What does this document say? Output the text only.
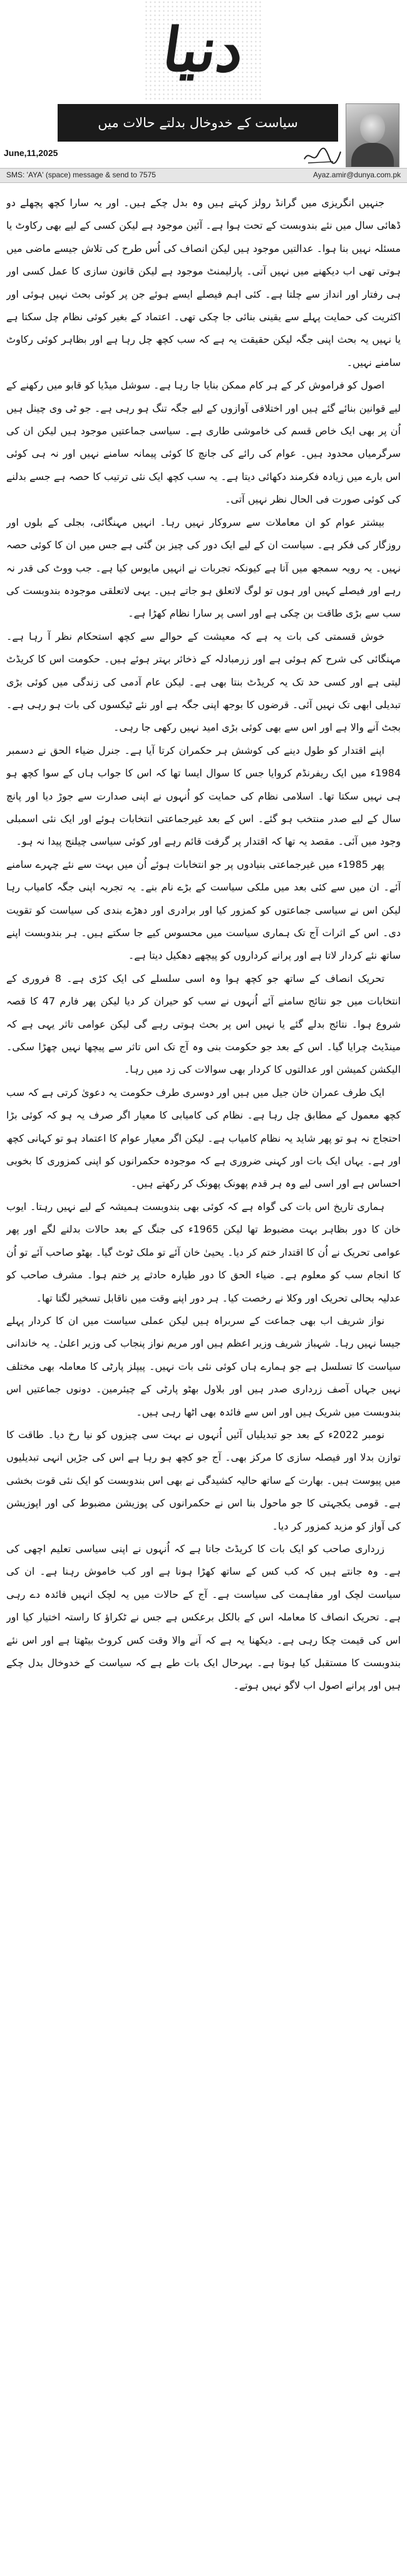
دنیا
سیاست کے خدوخال بدلتے حالات میں
June,11,2025
SMS: 'AYA' (space) message & send to 7575	Ayaz.amir@dunya.com.pk

جنہیں انگریزی میں گرانڈ رولز کہتے ہیں وہ بدل چکے ہیں۔ اور یہ سارا کچھ پچھلے دو ڈھائی سال میں نئے بندوبست کے تحت ہوا ہے۔ آئین موجود ہے لیکن کسی کے لیے بھی رکاوٹ یا مسئلہ نہیں بنا ہوا۔ عدالتیں موجود ہیں لیکن انصاف کی اُس طرح کی تلاش جیسے ماضی میں ہوتی تھی اب دیکھنے میں نہیں آتی۔ پارلیمنٹ موجود ہے لیکن قانون سازی کا عمل کسی اور ہی رفتار اور انداز سے چلتا ہے۔ کئی اہم فیصلے ایسے ہوئے جن پر کوئی بحث نہیں ہوئی اور اکثریت کی حمایت پہلے سے یقینی بنائی جا چکی تھی۔ اعتماد کے بغیر کوئی نظام چل سکتا ہے یا نہیں یہ بحث اپنی جگہ لیکن حقیقت یہ ہے کہ سب کچھ چل رہا ہے اور بظاہر کوئی رکاوٹ سامنے نہیں۔

اصول کو فراموش کر کے ہر کام ممکن بنایا جا رہا ہے۔ سوشل میڈیا کو قابو میں رکھنے کے لیے قوانین بنائے گئے ہیں اور اختلافی آوازوں کے لیے جگہ تنگ ہو رہی ہے۔ جو ٹی وی چینل ہیں اُن پر بھی ایک خاص قسم کی خاموشی طاری ہے۔ سیاسی جماعتیں موجود ہیں لیکن ان کی سرگرمیاں محدود ہیں۔ عوام کی رائے کی جانچ کا کوئی پیمانہ سامنے نہیں اور نہ ہی کوئی اس بارے میں زیادہ فکرمند دکھائی دیتا ہے۔ یہ سب کچھ ایک نئی ترتیب کا حصہ ہے جسے بدلنے کی کوئی صورت فی الحال نظر نہیں آتی۔

بیشتر عوام کو ان معاملات سے سروکار نہیں رہا۔ انہیں مہنگائی، بجلی کے بلوں اور روزگار کی فکر ہے۔ سیاست ان کے لیے ایک دور کی چیز بن گئی ہے جس میں ان کا کوئی حصہ نہیں۔ یہ رویہ سمجھ میں آتا ہے کیونکہ تجربات نے انہیں مایوس کیا ہے۔ جب ووٹ کی قدر نہ رہے اور فیصلے کہیں اور ہوں تو لوگ لاتعلق ہو جاتے ہیں۔ یہی لاتعلقی موجودہ بندوبست کی سب سے بڑی طاقت بن چکی ہے اور اسی پر سارا نظام کھڑا ہے۔

خوش قسمتی کی بات یہ ہے کہ معیشت کے حوالے سے کچھ استحکام نظر آ رہا ہے۔ مہنگائی کی شرح کم ہوئی ہے اور زرمبادلہ کے ذخائر بہتر ہوئے ہیں۔ حکومت اس کا کریڈٹ لیتی ہے اور کسی حد تک یہ کریڈٹ بنتا بھی ہے۔ لیکن عام آدمی کی زندگی میں کوئی بڑی تبدیلی ابھی تک نہیں آئی۔ قرضوں کا بوجھ اپنی جگہ ہے اور نئے ٹیکسوں کی بات ہو رہی ہے۔ بجٹ آنے والا ہے اور اس سے بھی کوئی بڑی امید نہیں رکھی جا رہی۔

اپنے اقتدار کو طول دینے کی کوشش ہر حکمران کرتا آیا ہے۔ جنرل ضیاء الحق نے دسمبر 1984ء میں ایک ریفرنڈم کروایا جس کا سوال ایسا تھا کہ اس کا جواب ہاں کے سوا کچھ ہو ہی نہیں سکتا تھا۔ اسلامی نظام کی حمایت کو اُنہوں نے اپنی صدارت سے جوڑ دیا اور پانچ سال کے لیے صدر منتخب ہو گئے۔ اس کے بعد غیرجماعتی انتخابات ہوئے اور ایک نئی اسمبلی وجود میں آئی۔ مقصد یہ تھا کہ اقتدار پر گرفت قائم رہے اور کوئی سیاسی چیلنج پیدا نہ ہو۔

پھر 1985ء میں غیرجماعتی بنیادوں پر جو انتخابات ہوئے اُن میں بہت سے نئے چہرے سامنے آئے۔ ان میں سے کئی بعد میں ملکی سیاست کے بڑے نام بنے۔ یہ تجربہ اپنی جگہ کامیاب رہا لیکن اس نے سیاسی جماعتوں کو کمزور کیا اور برادری اور دھڑے بندی کی سیاست کو تقویت دی۔ اس کے اثرات آج تک ہماری سیاست میں محسوس کیے جا سکتے ہیں۔ ہر بندوبست اپنے ساتھ نئے کردار لاتا ہے اور پرانے کرداروں کو پیچھے دھکیل دیتا ہے۔

تحریک انصاف کے ساتھ جو کچھ ہوا وہ اسی سلسلے کی ایک کڑی ہے۔ 8 فروری کے انتخابات میں جو نتائج سامنے آئے اُنہوں نے سب کو حیران کر دیا لیکن پھر فارم 47 کا قصہ شروع ہوا۔ نتائج بدلے گئے یا نہیں اس پر بحث ہوتی رہے گی لیکن عوامی تاثر یہی ہے کہ مینڈیٹ چرایا گیا۔ اس کے بعد جو حکومت بنی وہ آج تک اس تاثر سے پیچھا نہیں چھڑا سکی۔ الیکشن کمیشن اور عدالتوں کا کردار بھی سوالات کی زد میں رہا۔

ایک طرف عمران خان جیل میں ہیں اور دوسری طرف حکومت یہ دعویٰ کرتی ہے کہ سب کچھ معمول کے مطابق چل رہا ہے۔ نظام کی کامیابی کا معیار اگر صرف یہ ہو کہ کوئی بڑا احتجاج نہ ہو تو پھر شاید یہ نظام کامیاب ہے۔ لیکن اگر معیار عوام کا اعتماد ہو تو کہانی کچھ اور ہے۔ یہاں ایک بات اور کہنی ضروری ہے کہ موجودہ حکمرانوں کو اپنی کمزوری کا بخوبی احساس ہے اور اسی لیے وہ ہر قدم پھونک پھونک کر رکھتے ہیں۔

ہماری تاریخ اس بات کی گواہ ہے کہ کوئی بھی بندوبست ہمیشہ کے لیے نہیں رہتا۔ ایوب خان کا دور بظاہر بہت مضبوط تھا لیکن 1965ء کی جنگ کے بعد حالات بدلنے لگے اور پھر عوامی تحریک نے اُن کا اقتدار ختم کر دیا۔ یحییٰ خان آئے تو ملک ٹوٹ گیا۔ بھٹو صاحب آئے تو اُن کا انجام سب کو معلوم ہے۔ ضیاء الحق کا دور طیارہ حادثے پر ختم ہوا۔ مشرف صاحب کو عدلیہ بحالی تحریک اور وکلا نے رخصت کیا۔ ہر دور اپنے وقت میں ناقابل تسخیر لگتا تھا۔

نواز شریف اب بھی جماعت کے سربراہ ہیں لیکن عملی سیاست میں ان کا کردار پہلے جیسا نہیں رہا۔ شہباز شریف وزیر اعظم ہیں اور مریم نواز پنجاب کی وزیر اعلیٰ۔ یہ خاندانی سیاست کا تسلسل ہے جو ہمارے ہاں کوئی نئی بات نہیں۔ پیپلز پارٹی کا معاملہ بھی مختلف نہیں جہاں آصف زرداری صدر ہیں اور بلاول بھٹو پارٹی کے چیئرمین۔ دونوں جماعتیں اس بندوبست میں شریک ہیں اور اس سے فائدہ بھی اٹھا رہی ہیں۔

نومبر 2022ء کے بعد جو تبدیلیاں آئیں اُنہوں نے بہت سی چیزوں کو نیا رخ دیا۔ طاقت کا توازن بدلا اور فیصلہ سازی کا مرکز بھی۔ آج جو کچھ ہو رہا ہے اس کی جڑیں انہی تبدیلیوں میں پیوست ہیں۔ بھارت کے ساتھ حالیہ کشیدگی نے بھی اس بندوبست کو ایک نئی قوت بخشی ہے۔ قومی یکجہتی کا جو ماحول بنا اس نے حکمرانوں کی پوزیشن مضبوط کی اور اپوزیشن کی آواز کو مزید کمزور کر دیا۔

زرداری صاحب کو ایک بات کا کریڈٹ جاتا ہے کہ اُنہوں نے اپنی سیاسی تعلیم اچھی کی ہے۔ وہ جانتے ہیں کہ کب کس کے ساتھ کھڑا ہونا ہے اور کب خاموش رہنا ہے۔ ان کی سیاست لچک اور مفاہمت کی سیاست ہے۔ آج کے حالات میں یہ لچک انہیں فائدہ دے رہی ہے۔ تحریک انصاف کا معاملہ اس کے بالکل برعکس ہے جس نے ٹکراؤ کا راستہ اختیار کیا اور اس کی قیمت چکا رہی ہے۔ دیکھنا یہ ہے کہ آنے والا وقت کس کروٹ بیٹھتا ہے اور اس نئے بندوبست کا مستقبل کیا ہوتا ہے۔ بہرحال ایک بات طے ہے کہ سیاست کے خدوخال بدل چکے ہیں اور پرانے اصول اب لاگو نہیں ہوتے۔
